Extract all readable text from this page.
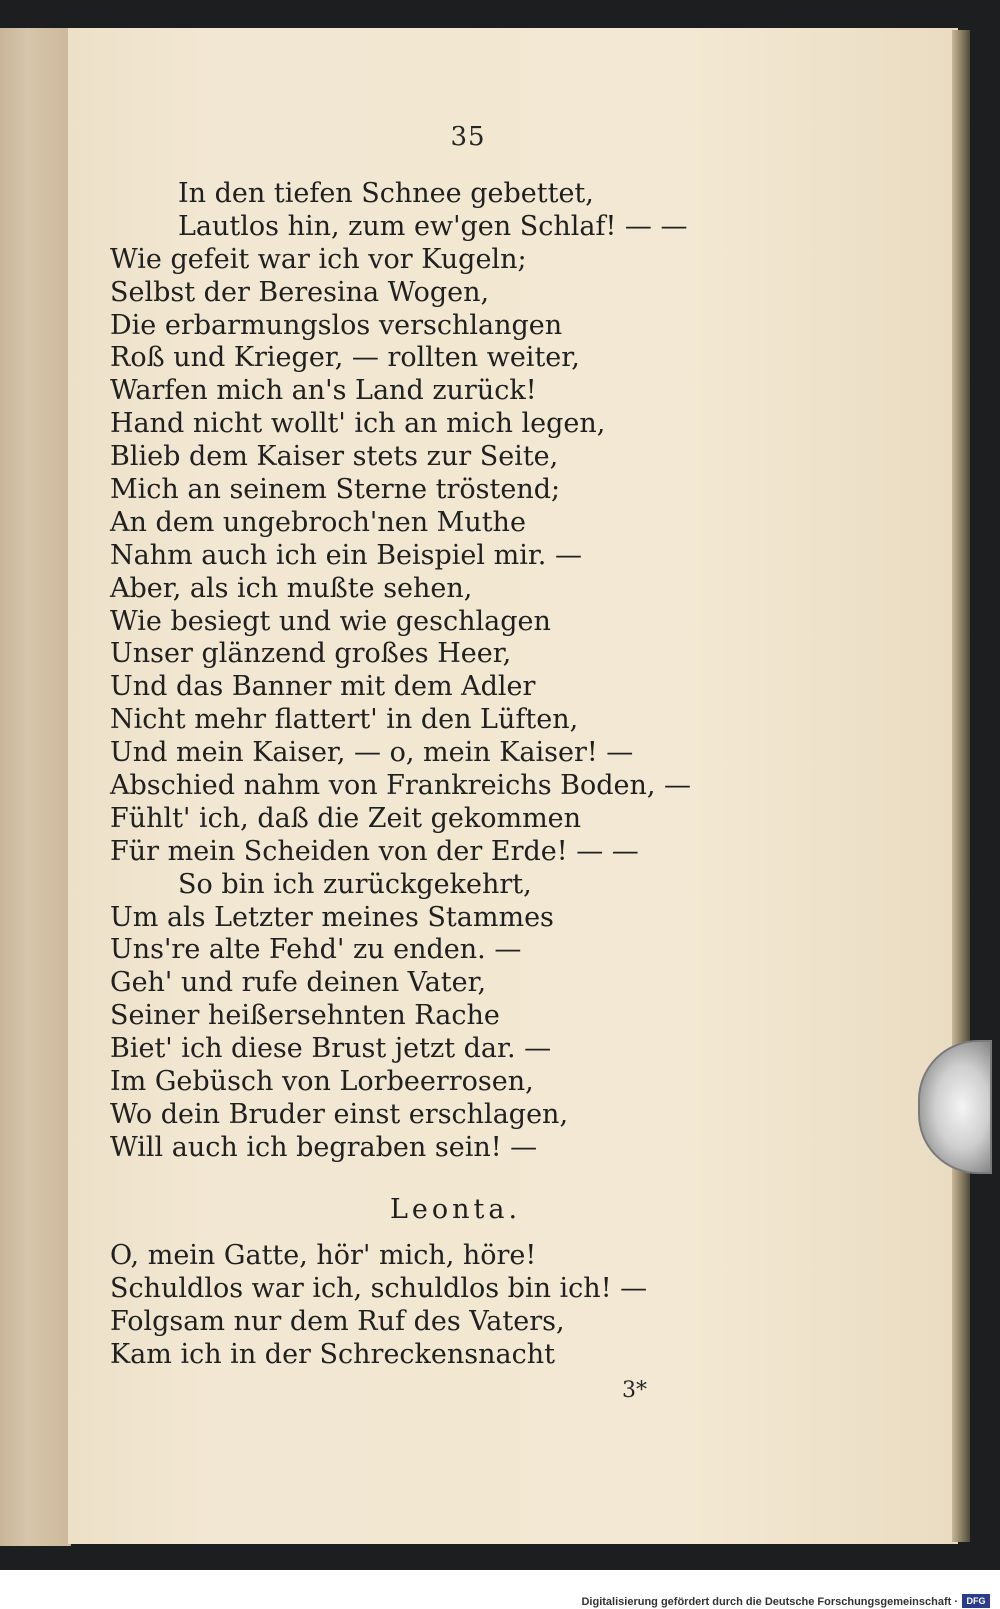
35
In den tiefen Schnee gebettet,
Lautlos hin, zum ew'gen Schlaf! — —
Wie gefeit war ich vor Kugeln;
Selbst der Beresina Wogen,
Die erbarmungslos verschlangen
Roß und Krieger, — rollten weiter,
Warfen mich an's Land zurück!
Hand nicht wollt' ich an mich legen,
Blieb dem Kaiser stets zur Seite,
Mich an seinem Sterne tröstend;
An dem ungebroch'nen Muthe
Nahm auch ich ein Beispiel mir. —
Aber, als ich mußte sehen,
Wie besiegt und wie geschlagen
Unser glänzend großes Heer,
Und das Banner mit dem Adler
Nicht mehr flattert' in den Lüften,
Und mein Kaiser, — o, mein Kaiser! —
Abschied nahm von Frankreichs Boden, —
Fühlt' ich, daß die Zeit gekommen
Für mein Scheiden von der Erde! — —
So bin ich zurückgekehrt,
Um als Letzter meines Stammes
Uns're alte Fehd' zu enden. —
Geh' und rufe deinen Vater,
Seiner heißersehnten Rache
Biet' ich diese Brust jetzt dar. —
Im Gebüsch von Lorbeerrosen,
Wo dein Bruder einst erschlagen,
Will auch ich begraben sein! —
Leonta.
O, mein Gatte, hör' mich, höre!
Schuldlos war ich, schuldlos bin ich! —
Folgsam nur dem Ruf des Vaters,
Kam ich in der Schreckensnacht
3*
Digitalisierung gefördert durch die Deutsche Forschungsgemeinschaft · DFG
